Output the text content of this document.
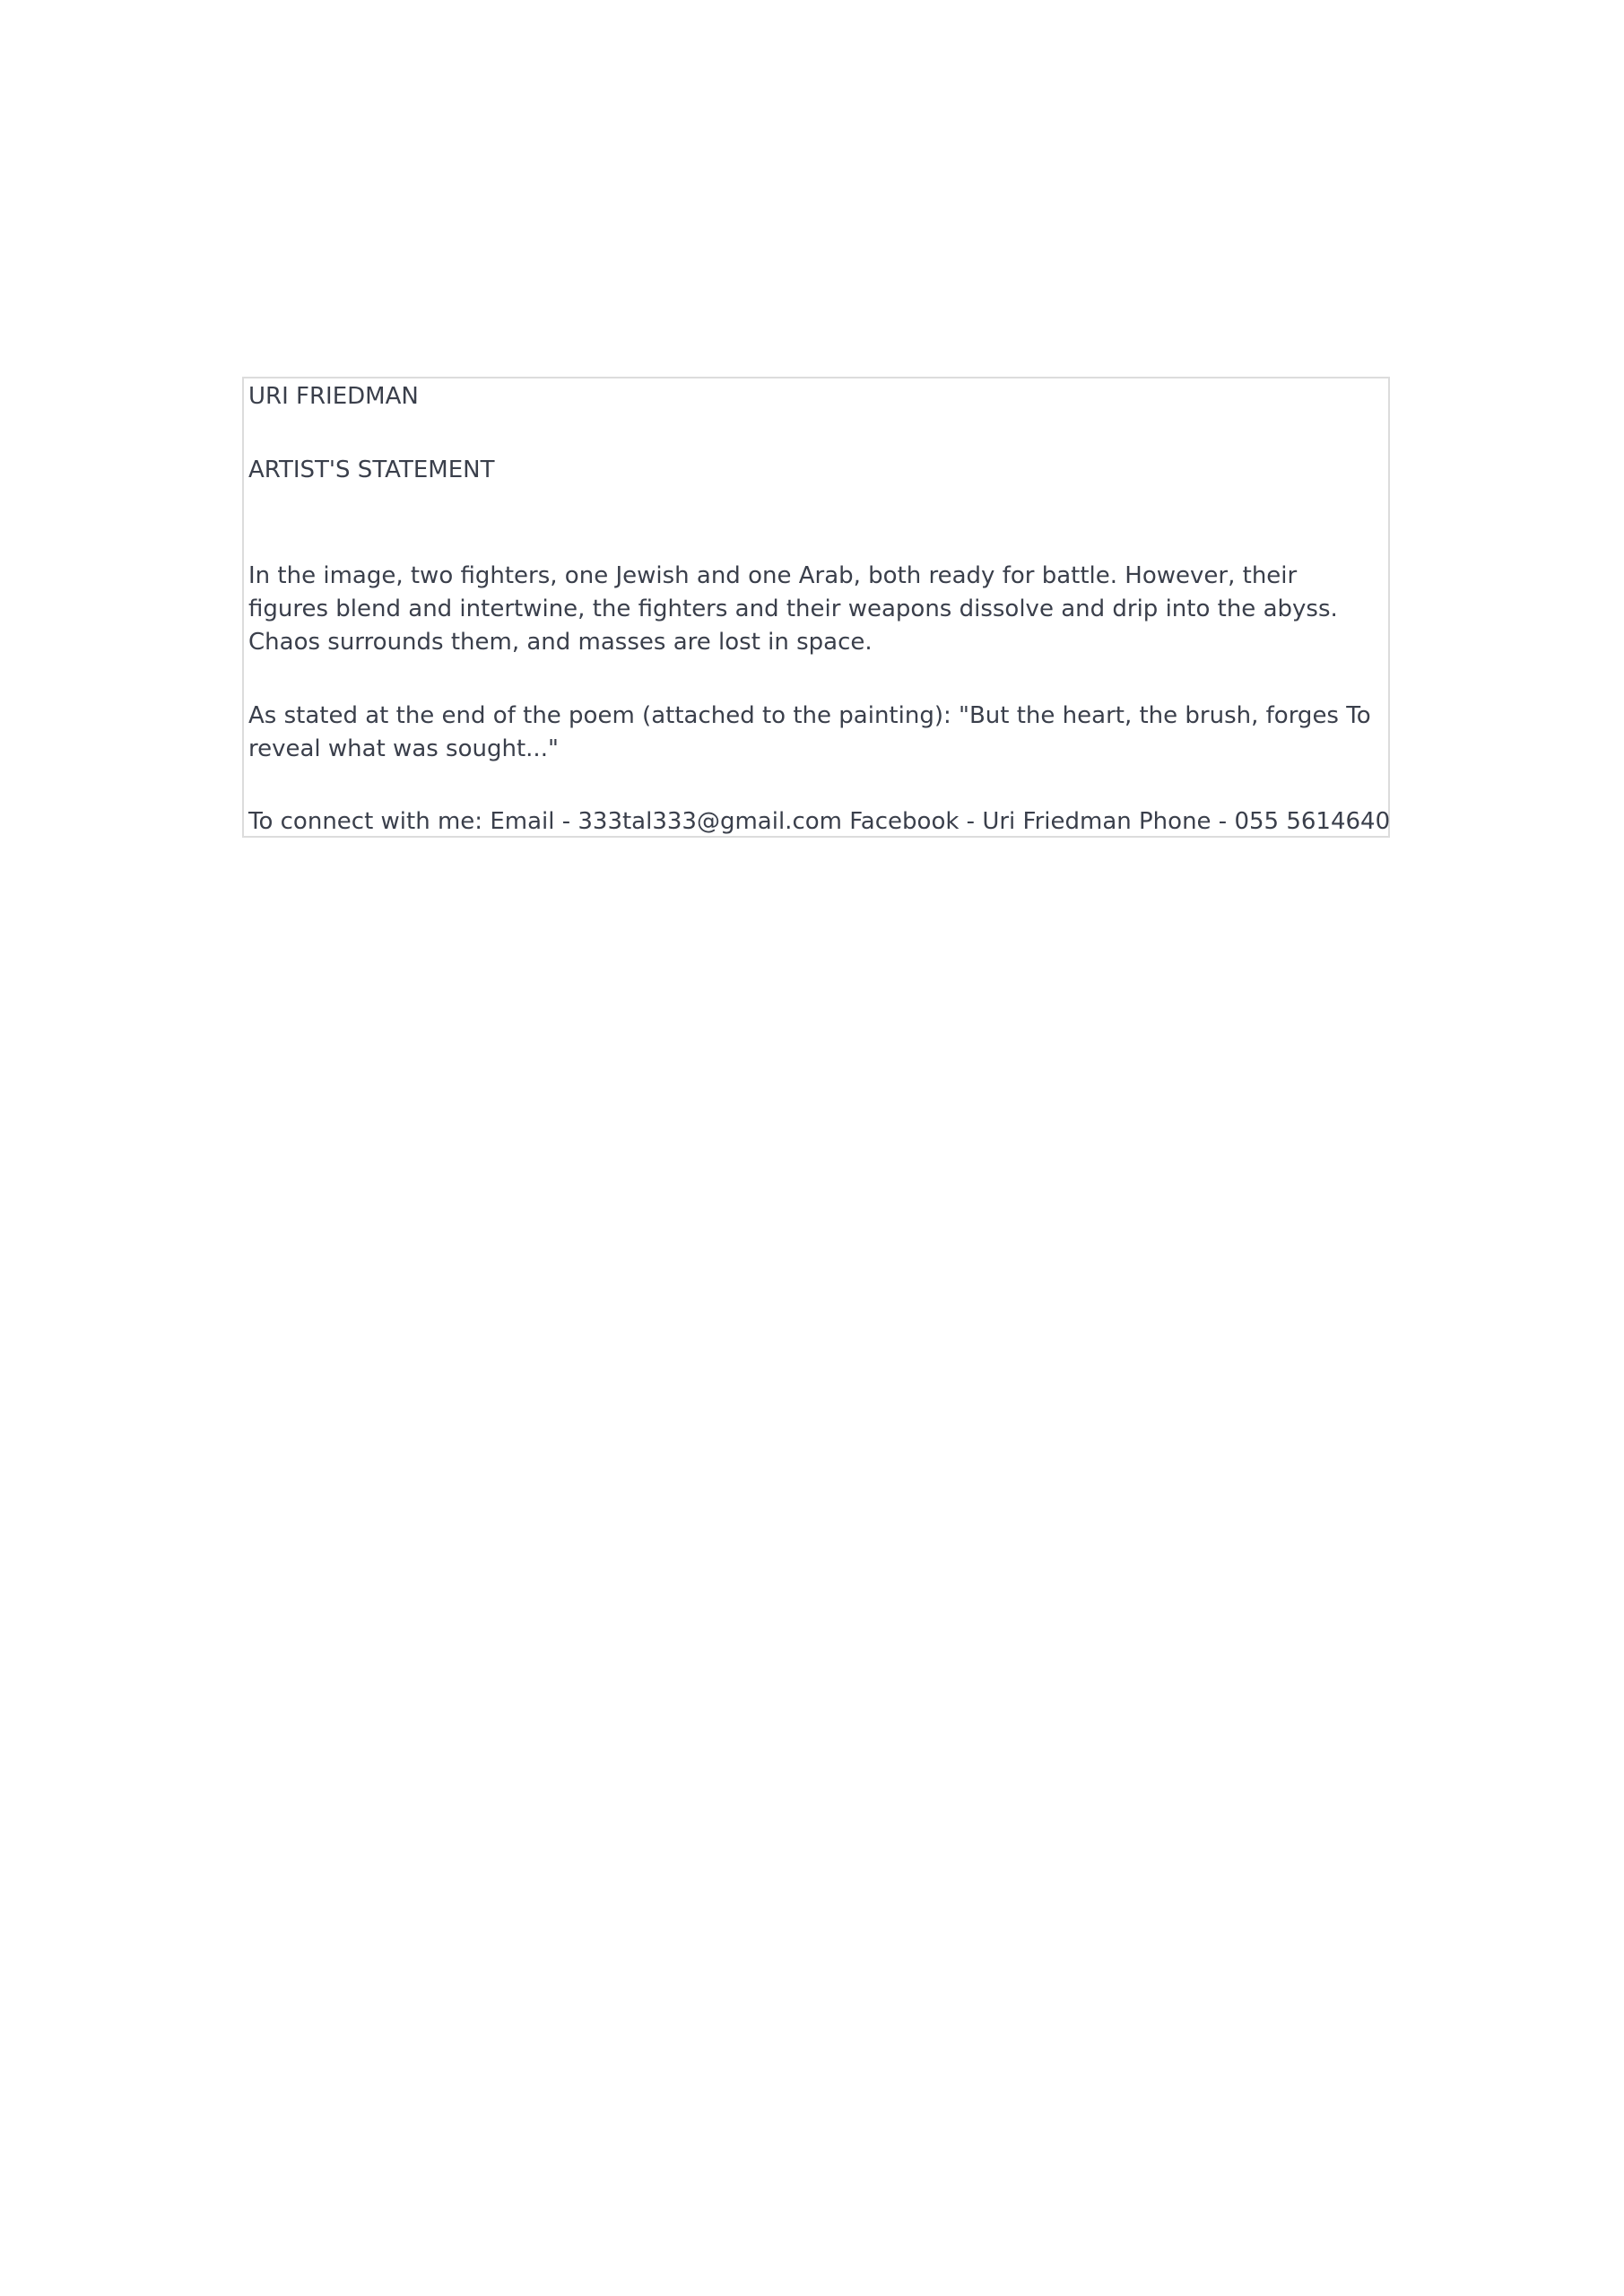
URI FRIEDMAN

ARTIST'S STATEMENT

In the image, two fighters, one Jewish and one Arab, both ready for battle. However, their figures blend and intertwine, the fighters and their weapons dissolve and drip into the abyss. Chaos surrounds them, and masses are lost in space.

As stated at the end of the poem (attached to the painting): "But the heart, the brush, forges To reveal what was sought..."

To connect with me: Email - 333tal333@gmail.com Facebook - Uri Friedman Phone - 055 5614640
